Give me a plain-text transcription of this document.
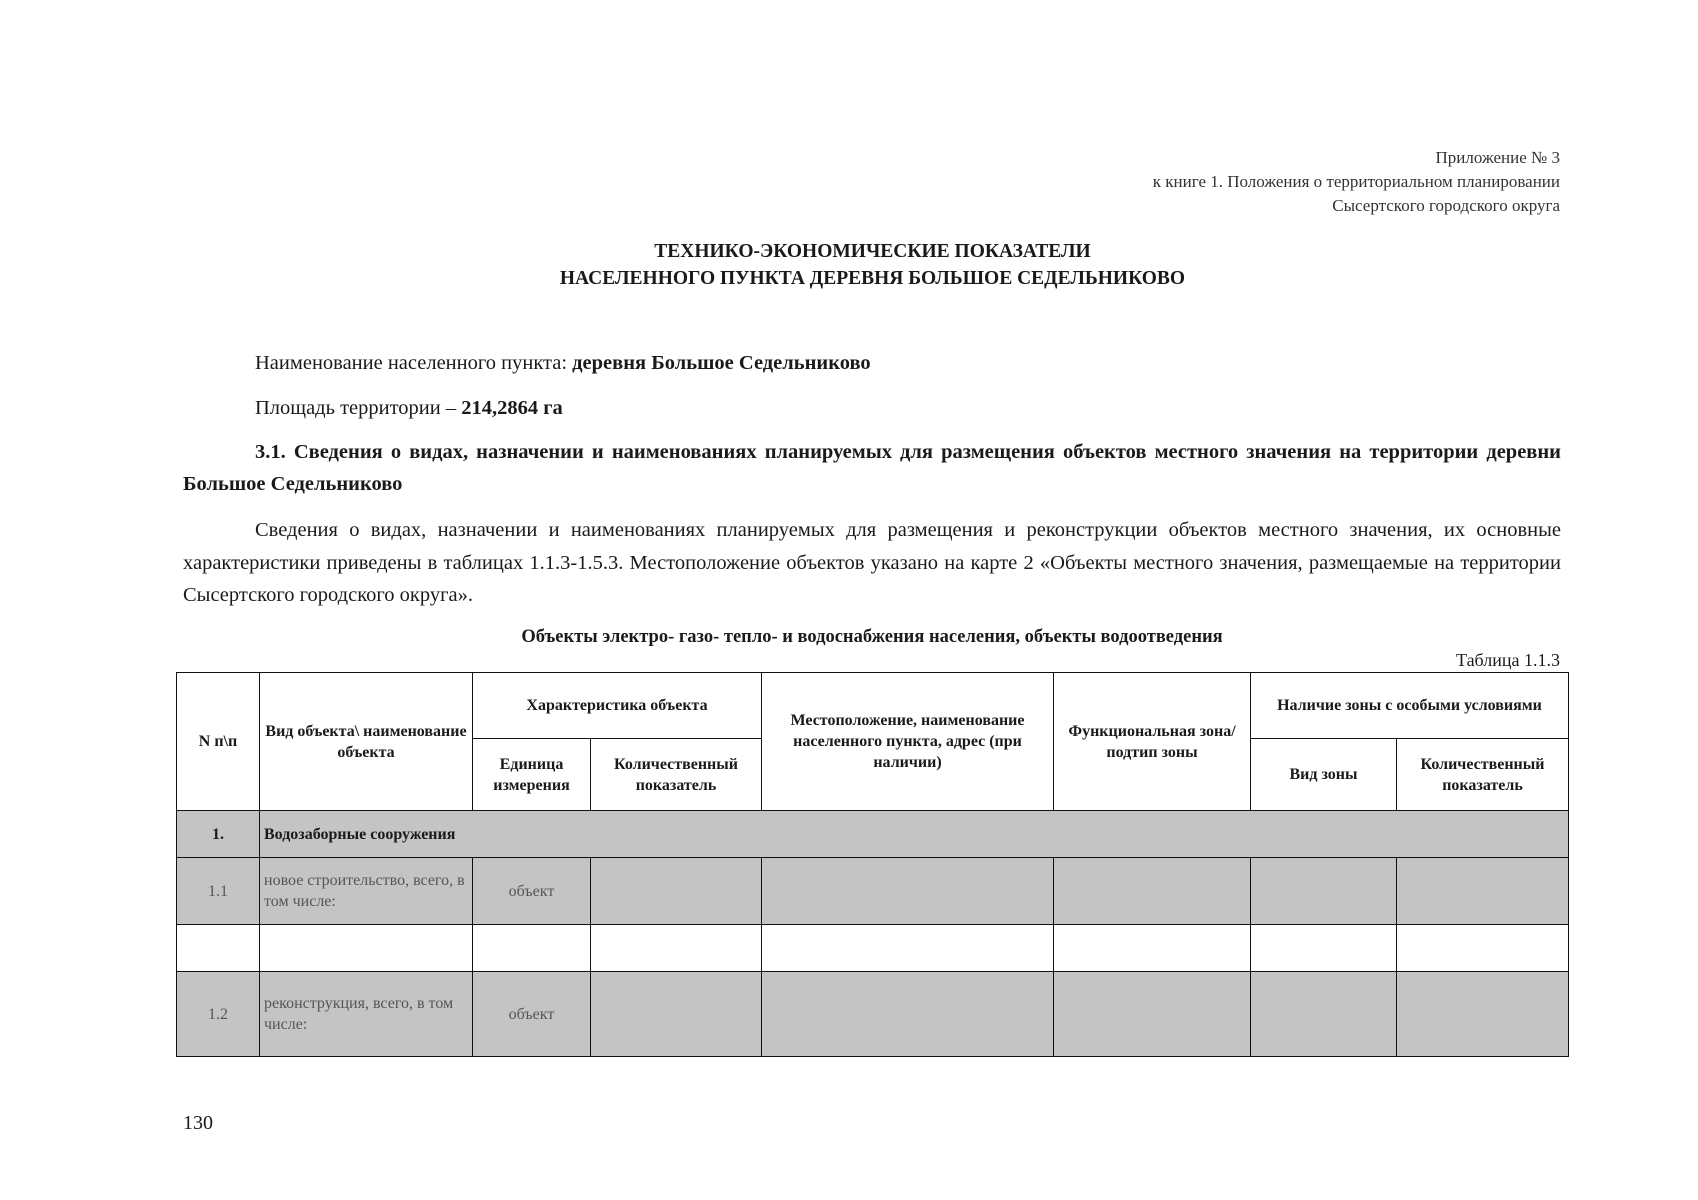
Приложение № 3
к книге 1. Положения о территориальном планировании
Сысертского городского округа
ТЕХНИКО-ЭКОНОМИЧЕСКИЕ ПОКАЗАТЕЛИ
НАСЕЛЕННОГО ПУНКТА ДЕРЕВНЯ БОЛЬШОЕ СЕДЕЛЬНИКОВО
Наименование населенного пункта: деревня Большое Седельниково
Площадь территории – 214,2864 га
3.1. Сведения о видах, назначении и наименованиях планируемых для размещения объектов местного значения на территории деревни Большое Седельниково
Сведения о видах, назначении и наименованиях планируемых для размещения и реконструкции объектов местного значения, их основные характеристики приведены в таблицах 1.1.3-1.5.3. Местоположение объектов указано на карте 2 «Объекты местного значения, размещаемые на территории Сысертского городского округа».
Объекты электро- газо- тепло- и водоснабжения населения, объекты водоотведения
Таблица 1.1.3
N п\п	Вид объекта\ наименование объекта	Характеристика объекта		Местоположение, наименование населенного пункта, адрес (при наличии)	Функциональная зона/ подтип зоны	Наличие зоны с особыми условиями	
		Единица измерения	Количественный показатель			Вид зоны	Количественный показатель
1.	Водозаборные сооружения						
1.1	новое строительство, всего, в том числе:	объект					

1.2	реконструкция, всего, в том числе:	объект					
130
